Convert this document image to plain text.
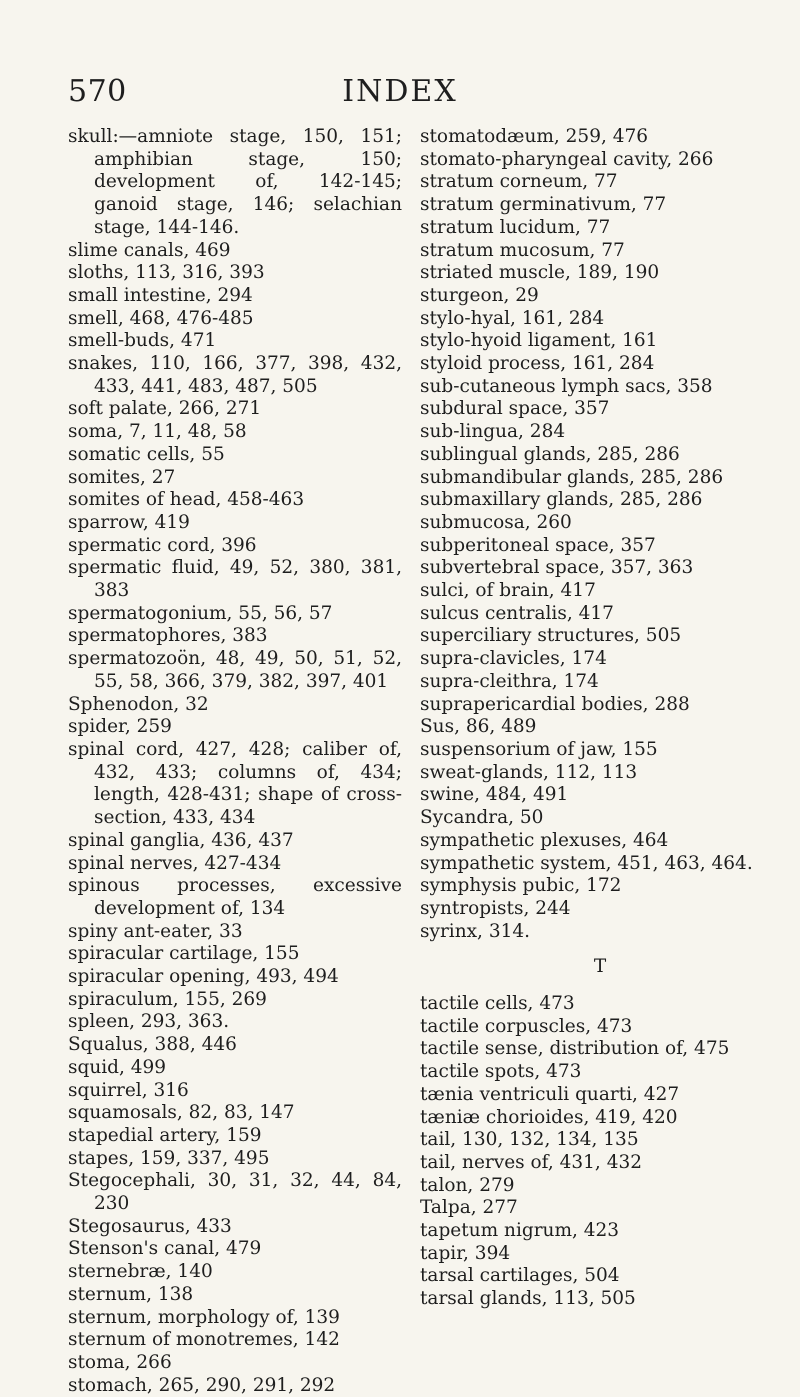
570	INDEX
skull:—amniote stage, 150, 151; amphibian stage, 150; development of, 142-145; ganoid stage, 146; selachian stage, 144-146.
slime canals, 469
sloths, 113, 316, 393
small intestine, 294
smell, 468, 476-485
smell-buds, 471
snakes, 110, 166, 377, 398, 432, 433, 441, 483, 487, 505
soft palate, 266, 271
soma, 7, 11, 48, 58
somatic cells, 55
somites, 27
somites of head, 458-463
sparrow, 419
spermatic cord, 396
spermatic fluid, 49, 52, 380, 381, 383
spermatogonium, 55, 56, 57
spermatophores, 383
spermatozoön, 48, 49, 50, 51, 52, 55, 58, 366, 379, 382, 397, 401
Sphenodon, 32
spider, 259
spinal cord, 427, 428; caliber of, 432, 433; columns of, 434; length, 428-431; shape of cross-section, 433, 434
spinal ganglia, 436, 437
spinal nerves, 427-434
spinous processes, excessive development of, 134
spiny ant-eater, 33
spiracular cartilage, 155
spiracular opening, 493, 494
spiraculum, 155, 269
spleen, 293, 363.
Squalus, 388, 446
squid, 499
squirrel, 316
squamosals, 82, 83, 147
stapedial artery, 159
stapes, 159, 337, 495
Stegocephali, 30, 31, 32, 44, 84, 230
Stegosaurus, 433
Stenson's canal, 479
sternebræ, 140
sternum, 138
sternum, morphology of, 139
sternum of monotremes, 142
stoma, 266
stomach, 265, 290, 291, 292
stomatodæum, 259, 476
stomato-pharyngeal cavity, 266
stratum corneum, 77
stratum germinativum, 77
stratum lucidum, 77
stratum mucosum, 77
striated muscle, 189, 190
sturgeon, 29
stylo-hyal, 161, 284
stylo-hyoid ligament, 161
styloid process, 161, 284
sub-cutaneous lymph sacs, 358
subdural space, 357
sub-lingua, 284
sublingual glands, 285, 286
submandibular glands, 285, 286
submaxillary glands, 285, 286
submucosa, 260
subperitoneal space, 357
subvertebral space, 357, 363
sulci, of brain, 417
sulcus centralis, 417
superciliary structures, 505
supra-clavicles, 174
supra-cleithra, 174
suprapericardial bodies, 288
Sus, 86, 489
suspensorium of jaw, 155
sweat-glands, 112, 113
swine, 484, 491
Sycandra, 50
sympathetic plexuses, 464
sympathetic system, 451, 463, 464.
symphysis pubic, 172
syntropists, 244
syrinx, 314.
T
tactile cells, 473
tactile corpuscles, 473
tactile sense, distribution of, 475
tactile spots, 473
tænia ventriculi quarti, 427
tæniæ chorioides, 419, 420
tail, 130, 132, 134, 135
tail, nerves of, 431, 432
talon, 279
Talpa, 277
tapetum nigrum, 423
tapir, 394
tarsal cartilages, 504
tarsal glands, 113, 505
